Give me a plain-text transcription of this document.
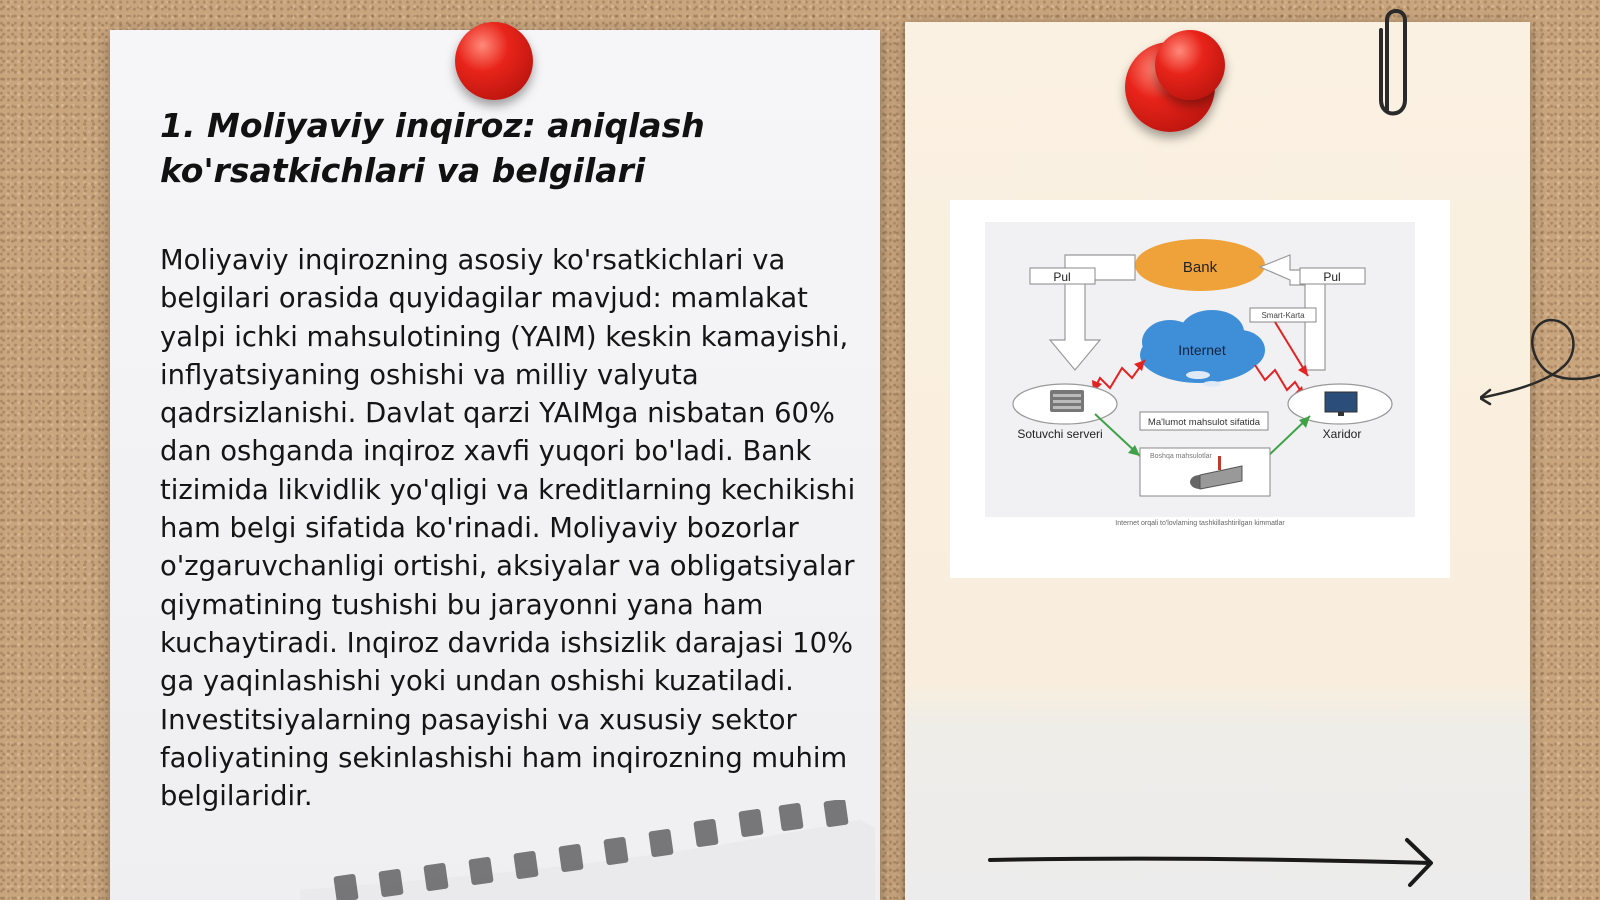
1. Moliyaviy inqiroz: aniqlash ko'rsatkichlari va belgilari

Moliyaviy inqirozning asosiy ko'rsatkichlari va belgilari orasida quyidagilar mavjud: mamlakat yalpi ichki mahsulotining (YAIM) keskin kamayishi, inflyatsiyaning oshishi va milliy valyuta qadrsizlanishi. Davlat qarzi YAIMga nisbatan 60% dan oshganda inqiroz xavfi yuqori bo'ladi. Bank tizimida likvidlik yo'qligi va kreditlarning kechikishi ham belgi sifatida ko'rinadi. Moliyaviy bozorlar o'zgaruvchanligi ortishi, aksiyalar va obligatsiyalar qiymatining tushishi bu jarayonni yana ham kuchaytiradi. Inqiroz davrida ishsizlik darajasi 10% ga yaqinlashishi yoki undan oshishi kuzatiladi. Investitsiyalarning pasayishi va xususiy sektor faoliyatining sekinlashishi ham inqirozning muhim belgilaridir.

Bank
Pul	Pul
Smart-Karta
Internet
Sotuvchi serveri	Xaridor
Ma'lumot mahsulot sifatida
Boshqa mahsulotlar
Internet orqali to'lovlarning tashkillashtirilgan kimmatlar
